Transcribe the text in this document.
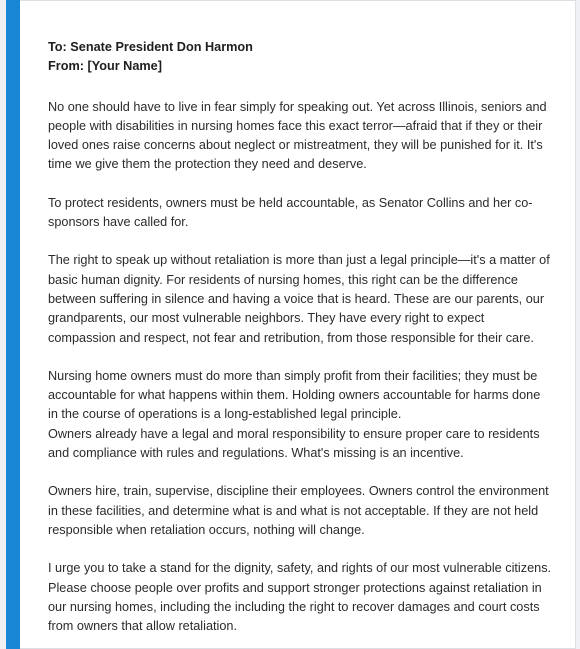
To: Senate President Don Harmon
From: [Your Name]

No one should have to live in fear simply for speaking out. Yet across Illinois, seniors and people with disabilities in nursing homes face this exact terror—afraid that if they or their loved ones raise concerns about neglect or mistreatment, they will be punished for it. It's time we give them the protection they need and deserve.

To protect residents, owners must be held accountable, as Senator Collins and her co-sponsors have called for.

The right to speak up without retaliation is more than just a legal principle—it's a matter of basic human dignity. For residents of nursing homes, this right can be the difference between suffering in silence and having a voice that is heard. These are our parents, our grandparents, our most vulnerable neighbors. They have every right to expect compassion and respect, not fear and retribution, from those responsible for their care.

Nursing home owners must do more than simply profit from their facilities; they must be accountable for what happens within them. Holding owners accountable for harms done in the course of operations is a long-established legal principle.
Owners already have a legal and moral responsibility to ensure proper care to residents and compliance with rules and regulations. What's missing is an incentive.

Owners hire, train, supervise, discipline their employees. Owners control the environment in these facilities, and determine what is and what is not acceptable. If they are not held responsible when retaliation occurs, nothing will change.

I urge you to take a stand for the dignity, safety, and rights of our most vulnerable citizens. Please choose people over profits and support stronger protections against retaliation in our nursing homes, including the including the right to recover damages and court costs from owners that allow retaliation.
